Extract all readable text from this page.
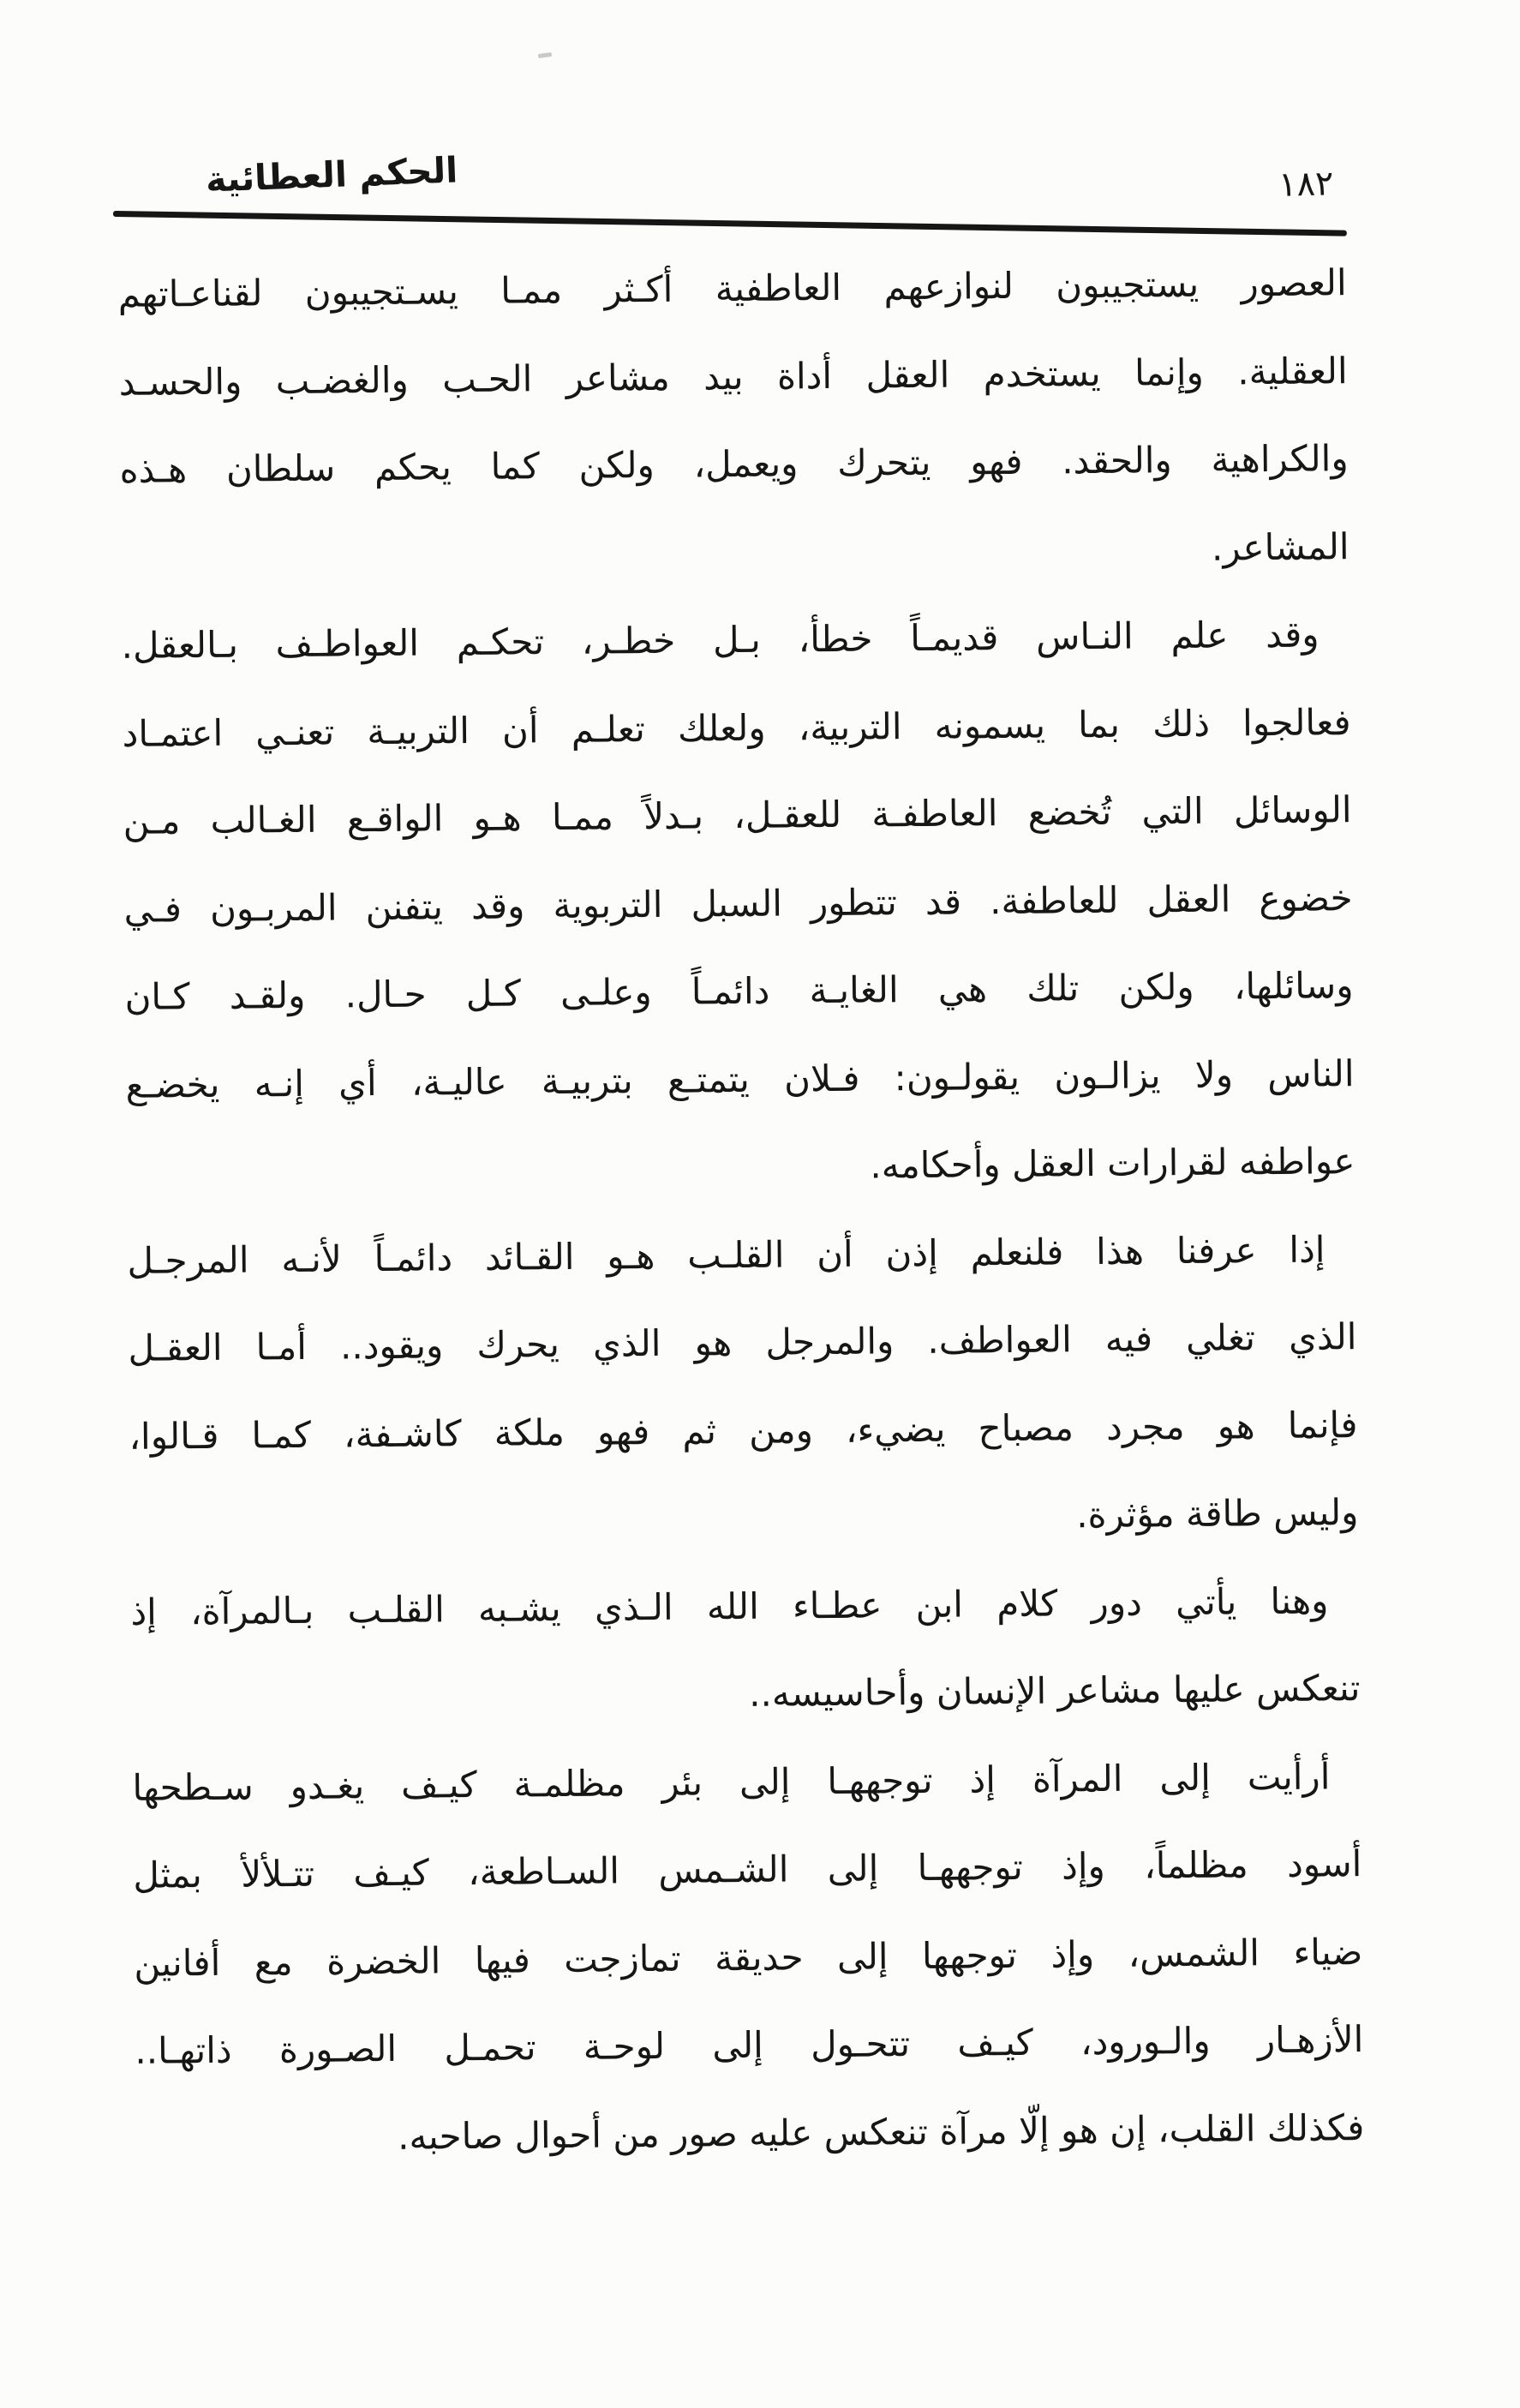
الحكم العطائية	١٨٢
العصور يستجيبون لنوازعهم العاطفية أكـثر ممـا يسـتجيبون لقناعـاتهم
العقلية. وإنما يستخدم العقل أداة بيد مشاعر الحـب والغضـب والحسـد
والكراهية والحقد. فهو يتحرك ويعمل، ولكن كما يحكم سلطان هـذه
المشاعر.
وقد علم النـاس قديمـاً خطأ، بـل خطـر، تحكـم العواطـف بـالعقل.
فعالجوا ذلك بما يسمونه التربية، ولعلك تعلـم أن التربيـة تعنـي اعتمـاد
الوسائل التي تُخضع العاطفـة للعقـل، بـدلاً ممـا هـو الواقـع الغـالب مـن
خضوع العقل للعاطفة. قد تتطور السبل التربوية وقد يتفنن المربـون فـي
وسائلها، ولكن تلك هي الغايـة دائمـاً وعلـى كـل حـال. ولقـد كـان
الناس ولا يزالـون يقولـون: فـلان يتمتـع بتربيـة عاليـة، أي إنـه يخضـع
عواطفه لقرارات العقل وأحكامه.
إذا عرفنا هذا فلنعلم إذن أن القلـب هـو القـائد دائمـاً لأنـه المرجـل
الذي تغلي فيه العواطف. والمرجل هو الذي يحرك ويقود.. أمـا العقـل
فإنما هو مجرد مصباح يضيء، ومن ثم فهو ملكة كاشـفة، كمـا قـالوا،
وليس طاقة مؤثرة.
وهنا يأتي دور كلام ابن عطـاء الله الـذي يشـبه القلـب بـالمرآة، إذ
تنعكس عليها مشاعر الإنسان وأحاسيسه..
أرأيت إلى المرآة إذ توجههـا إلى بئر مظلمـة كيـف يغـدو سـطحها
أسود مظلماً، وإذ توجههـا إلى الشـمس السـاطعة، كيـف تتـلألأ بمثل
ضياء الشمس، وإذ توجهها إلى حديقة تمازجت فيها الخضرة مع أفانين
الأزهـار والـورود، كيـف تتحـول إلى لوحـة تحمـل الصـورة ذاتهـا..
فكذلك القلب، إن هو إلّا مرآة تنعكس عليه صور من أحوال صاحبه.
